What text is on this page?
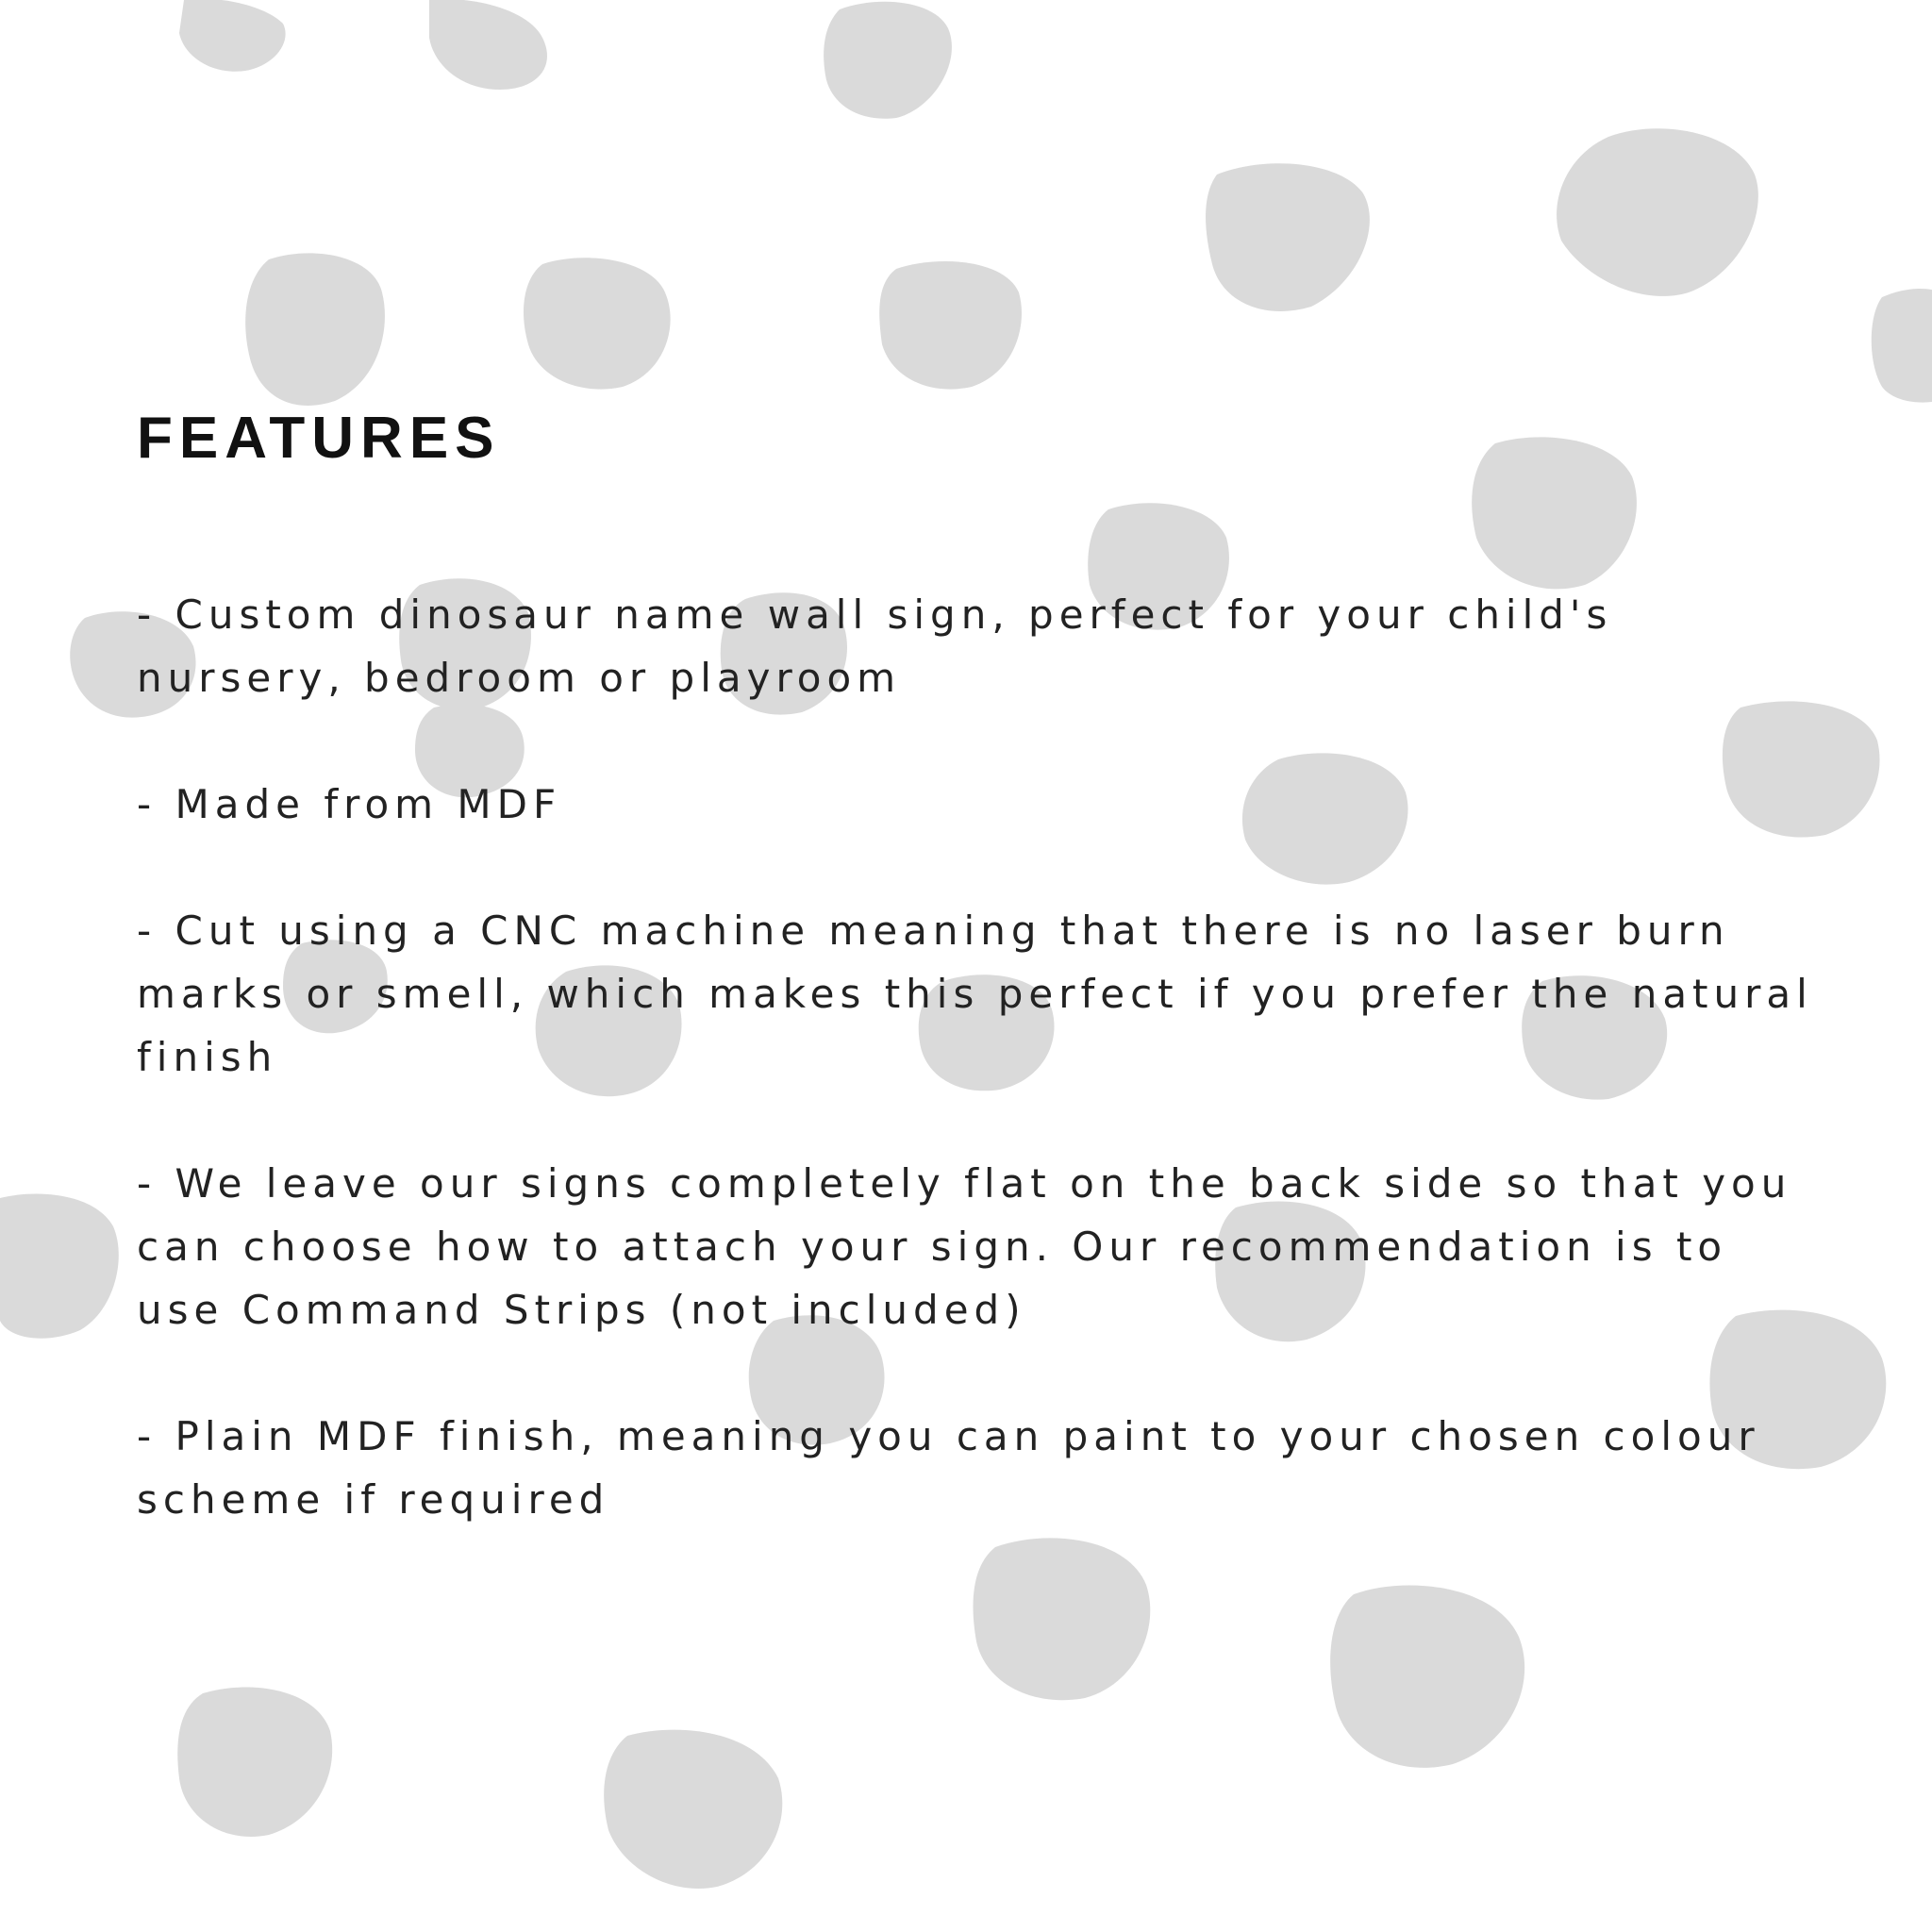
FEATURES

- Custom dinosaur name wall sign, perfect for your child's nursery, bedroom or playroom

- Made from MDF

- Cut using a CNC machine meaning that there is no laser burn marks or smell, which makes this perfect if you prefer the natural finish

- We leave our signs completely flat on the back side so that you can choose how to attach your sign. Our recommendation is to use Command Strips (not included)

- Plain MDF finish, meaning you can paint to your chosen colour scheme if required
